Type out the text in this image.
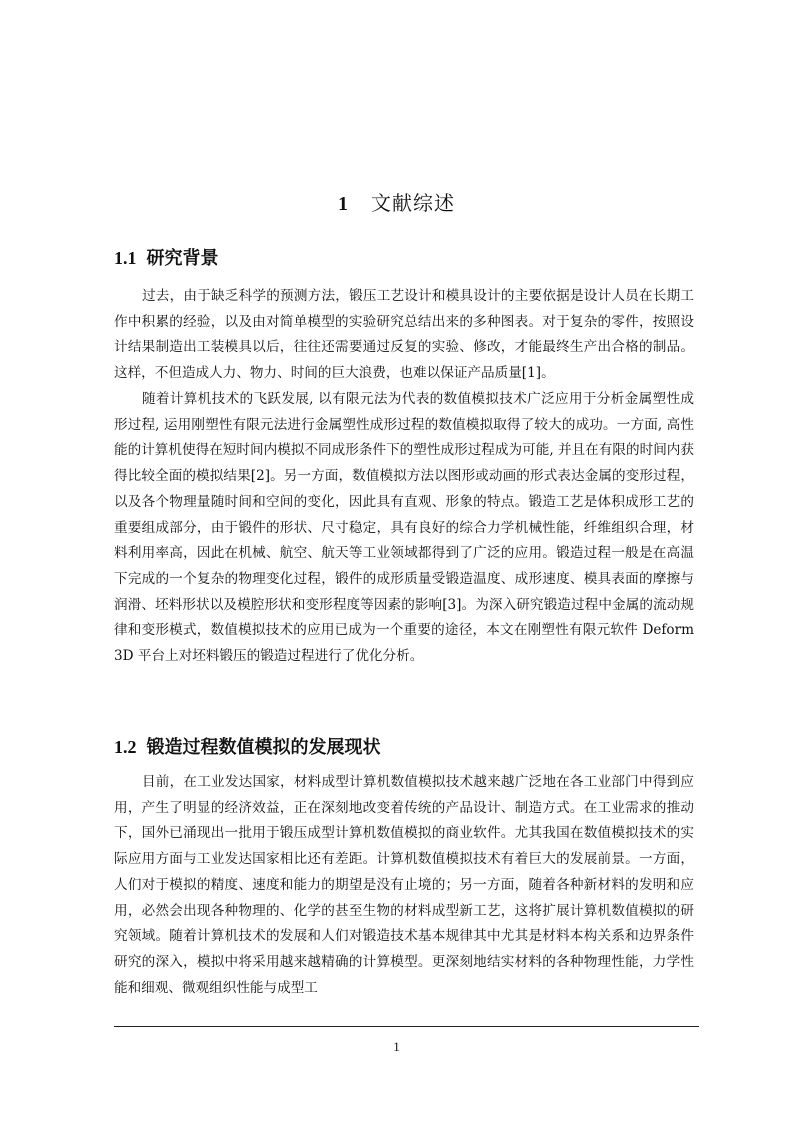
1 文献综述
1.1 研究背景

过去，由于缺乏科学的预测方法，锻压工艺设计和模具设计的主要依据是设计人员在长期工作中积累的经验，以及由对简单模型的实验研究总结出来的多种图表。对于复杂的零件，按照设计结果制造出工装模具以后，往往还需要通过反复的实验、修改，才能最终生产出合格的制品。这样，不但造成人力、物力、时间的巨大浪费，也难以保证产品质量[1]。

随着计算机技术的飞跃发展, 以有限元法为代表的数值模拟技术广泛应用于分析金属塑性成形过程, 运用刚塑性有限元法进行金属塑性成形过程的数值模拟取得了较大的成功。一方面, 高性能的计算机使得在短时间内模拟不同成形条件下的塑性成形过程成为可能, 并且在有限的时间内获得比较全面的模拟结果[2]。另一方面，数值模拟方法以图形或动画的形式表达金属的变形过程，以及各个物理量随时间和空间的变化，因此具有直观、形象的特点。锻造工艺是体积成形工艺的重要组成部分，由于锻件的形状、尺寸稳定，具有良好的综合力学机械性能，纤维组织合理，材料利用率高，因此在机械、航空、航天等工业领域都得到了广泛的应用。锻造过程一般是在高温下完成的一个复杂的物理变化过程，锻件的成形质量受锻造温度、成形速度、模具表面的摩擦与润滑、坯料形状以及模腔形状和变形程度等因素的影响[3]。为深入研究锻造过程中金属的流动规律和变形模式，数值模拟技术的应用已成为一个重要的途径，本文在刚塑性有限元软件 Deform 3D 平台上对坯料锻压的锻造过程进行了优化分析。

1.2 锻造过程数值模拟的发展现状

目前，在工业发达国家，材料成型计算机数值模拟技术越来越广泛地在各工业部门中得到应用，产生了明显的经济效益，正在深刻地改变着传统的产品设计、制造方式。在工业需求的推动下，国外已涌现出一批用于锻压成型计算机数值模拟的商业软件。尤其我国在数值模拟技术的实际应用方面与工业发达国家相比还有差距。计算机数值模拟技术有着巨大的发展前景。一方面，人们对于模拟的精度、速度和能力的期望是没有止境的；另一方面，随着各种新材料的发明和应用，必然会出现各种物理的、化学的甚至生物的材料成型新工艺，这将扩展计算机数值模拟的研究领域。随着计算机技术的发展和人们对锻造技术基本规律其中尤其是材料本构关系和边界条件研究的深入，模拟中将采用越来越精确的计算模型。更深刻地结实材料的各种物理性能，力学性能和细观、微观组织性能与成型工

1
